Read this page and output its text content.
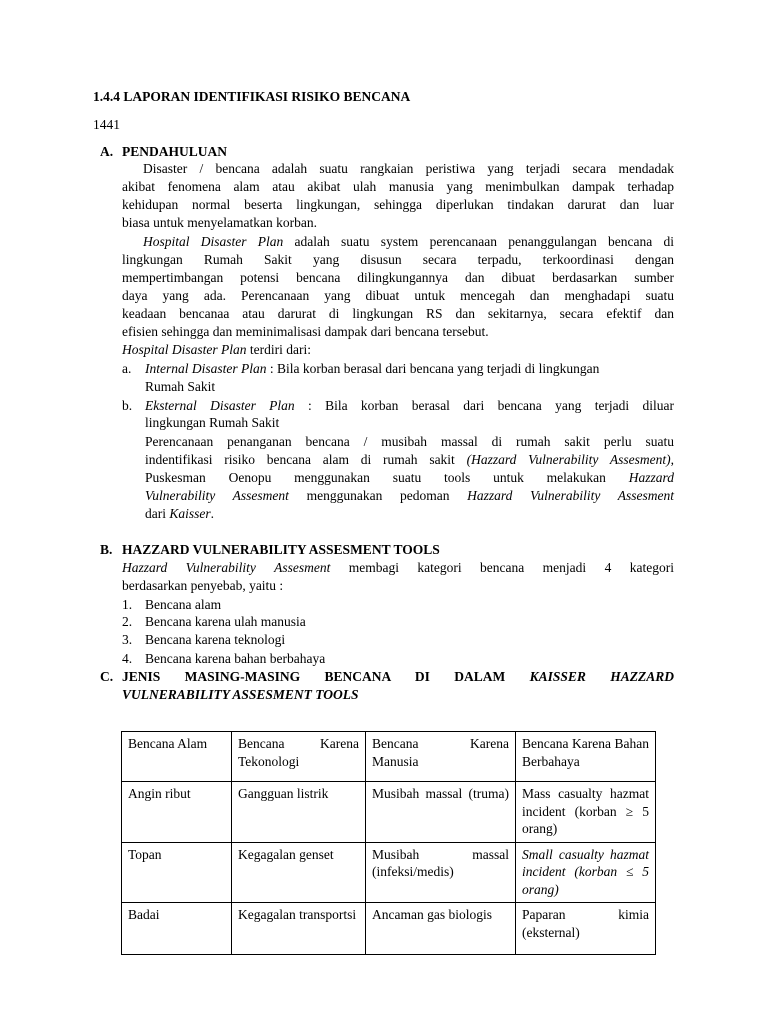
1.4.4 LAPORAN IDENTIFIKASI RISIKO BENCANA
1441
A. PENDAHULUAN
Disaster / bencana adalah suatu rangkaian peristiwa yang terjadi secara mendadak
akibat fenomena alam atau akibat ulah manusia yang menimbulkan dampak terhadap
kehidupan normal beserta lingkungan, sehingga diperlukan tindakan darurat dan luar
biasa untuk menyelamatkan korban.
Hospital Disaster Plan adalah suatu system perencanaan penanggulangan bencana di
lingkungan Rumah Sakit yang disusun secara terpadu, terkoordinasi dengan
mempertimbangan potensi bencana dilingkungannya dan dibuat berdasarkan sumber
daya yang ada. Perencanaan yang dibuat untuk mencegah dan menghadapi suatu
keadaan bencanaa atau darurat di lingkungan RS dan sekitarnya, secara efektif dan
efisien sehingga dan meminimalisasi dampak dari bencana tersebut.
Hospital Disaster Plan terdiri dari:
a. Internal Disaster Plan : Bila korban berasal dari bencana yang terjadi di lingkungan
Rumah Sakit
b. Eksternal Disaster Plan : Bila korban berasal dari bencana yang terjadi diluar
lingkungan Rumah Sakit
Perencanaan penanganan bencana / musibah massal di rumah sakit perlu suatu
indentifikasi risiko bencana alam di rumah sakit (Hazzard Vulnerability Assesment),
Puskesman Oenopu menggunakan suatu tools untuk melakukan Hazzard
Vulnerability Assesment menggunakan pedoman Hazzard Vulnerability Assesment
dari Kaisser.
B. HAZZARD VULNERABILITY ASSESMENT TOOLS
Hazzard Vulnerability Assesment membagi kategori bencana menjadi 4 kategori
berdasarkan penyebab, yaitu :
1. Bencana alam
2. Bencana karena ulah manusia
3. Bencana karena teknologi
4. Bencana karena bahan berbahaya
C. JENIS MASING-MASING BENCANA DI DALAM KAISSER HAZZARD
VULNERABILITY ASSESMENT TOOLS
Bencana Alam	Bencana Karena Tekonologi	Bencana Karena Manusia	Bencana Karena Bahan Berbahaya
Angin ribut	Gangguan listrik	Musibah massal (truma)	Mass casualty hazmat incident (korban ≥ 5 orang)
Topan	Kegagalan genset	Musibah massal (infeksi/medis)	Small casualty hazmat incident (korban ≤ 5 orang)
Badai	Kegagalan transportsi	Ancaman gas biologis	Paparan kimia (eksternal)
